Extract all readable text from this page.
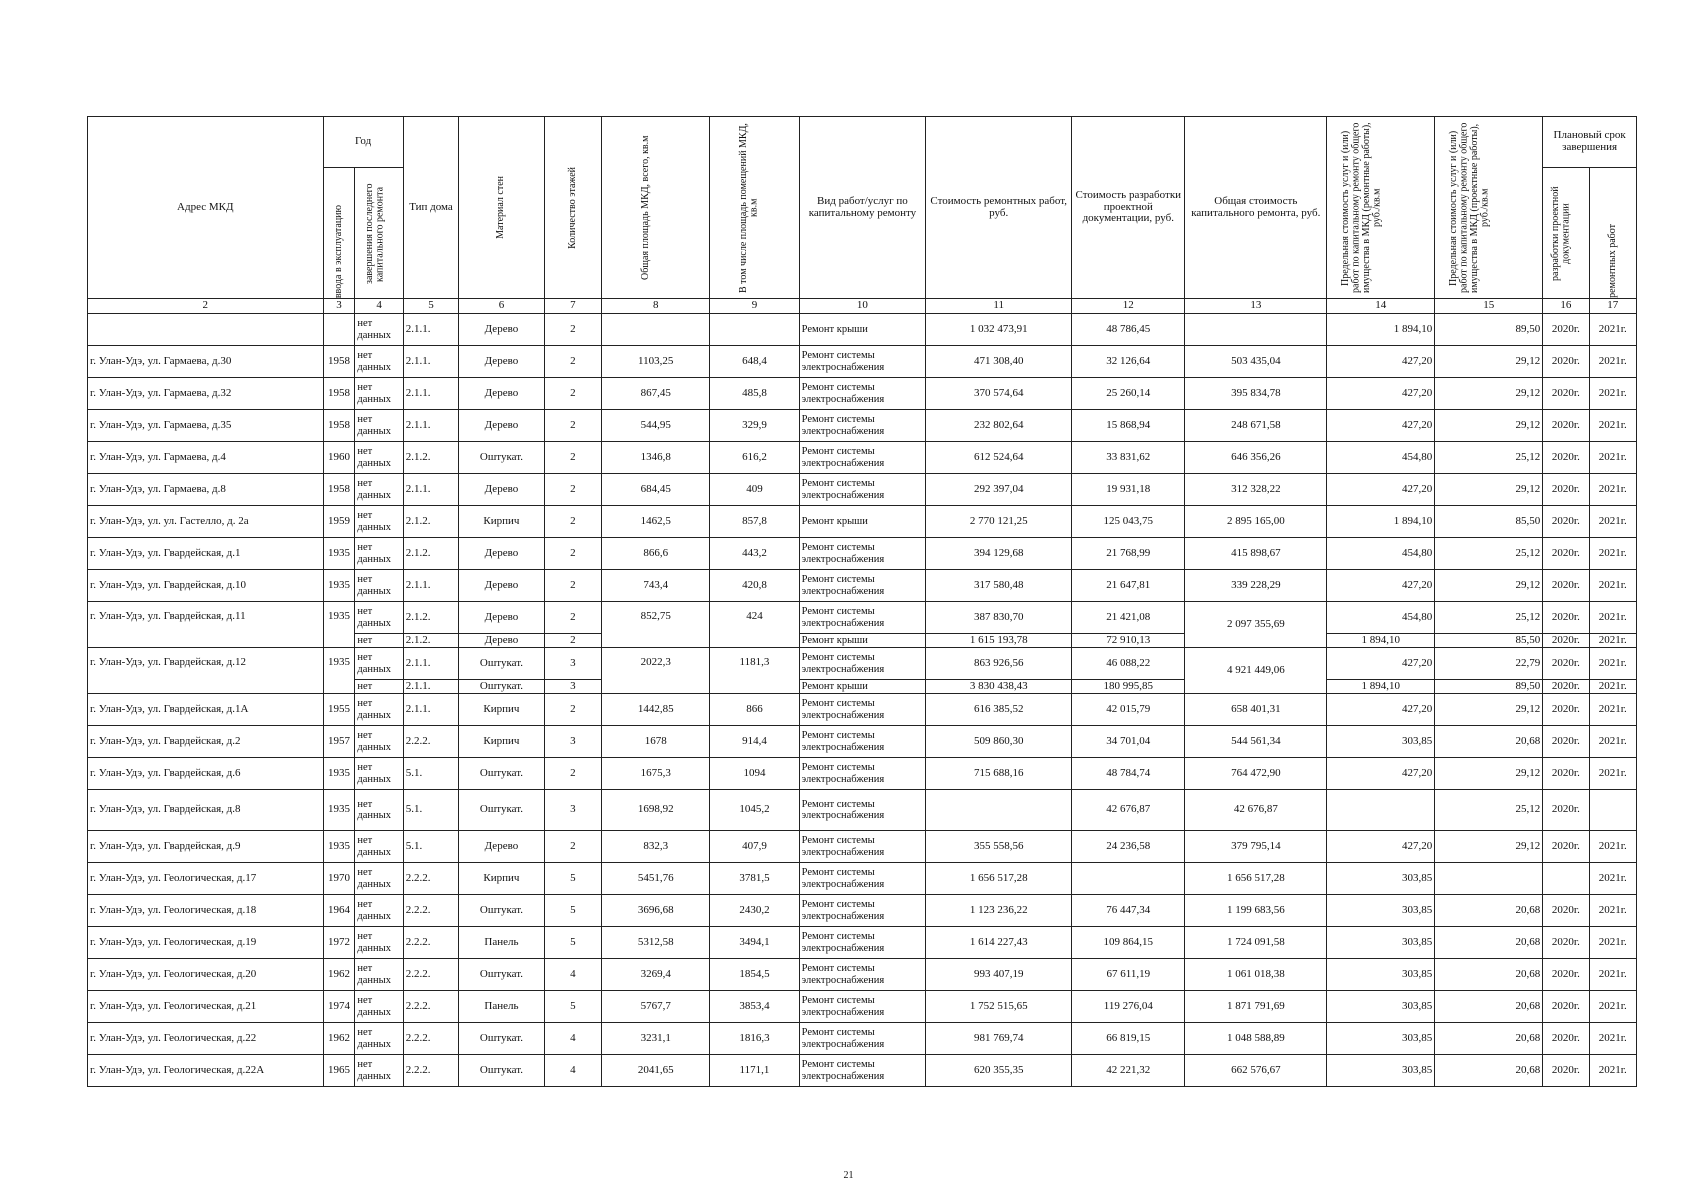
Адрес МКД	Год		Тип дома	Материал стен	Количество этажей	Общая площадь МКД, всего, кв.м	В том числе площадь помещений МКД, кв.м	Вид работ/услуг по капитальному ремонту	Стоимость ремонтных работ, руб.	Стоимость разработки проектной документации, руб.	Общая стоимость капитального ремонта, руб.	Предельная стоимость услуг и (или) работ по капитальному ремонту общего имущества в МКД (ремонтные работы), руб./кв.м	Предельная стоимость услуг и (или) работ по капитальному ремонту общего имущества в МКД (проектные работы), руб./кв.м	Плановый срок завершения	

	ввода в эксплуатацию	завершения последнего капитального ремонта												разработки проектной документации	ремонтных работ

2	3	4	5	6	7	8	9	10	11	12	13	14	15	16	17
		нет данных	2.1.1.	Дерево	2			Ремонт крыши	1 032 473,91	48 786,45		1 894,10	89,50	2020г.	2021г.
г. Улан-Удэ, ул. Гармаева, д.30	1958	нет данных	2.1.1.	Дерево	2	1103,25	648,4	Ремонт системы электроснабжения	471 308,40	32 126,64	503 435,04	427,20	29,12	2020г.	2021г.
г. Улан-Удэ, ул. Гармаева, д.32	1958	нет данных	2.1.1.	Дерево	2	867,45	485,8	Ремонт системы электроснабжения	370 574,64	25 260,14	395 834,78	427,20	29,12	2020г.	2021г.
г. Улан-Удэ, ул. Гармаева, д.35	1958	нет данных	2.1.1.	Дерево	2	544,95	329,9	Ремонт системы электроснабжения	232 802,64	15 868,94	248 671,58	427,20	29,12	2020г.	2021г.
г. Улан-Удэ, ул. Гармаева, д.4	1960	нет данных	2.1.2.	Оштукат.	2	1346,8	616,2	Ремонт системы электроснабжения	612 524,64	33 831,62	646 356,26	454,80	25,12	2020г.	2021г.
г. Улан-Удэ, ул. Гармаева, д.8	1958	нет данных	2.1.1.	Дерево	2	684,45	409	Ремонт системы электроснабжения	292 397,04	19 931,18	312 328,22	427,20	29,12	2020г.	2021г.
г. Улан-Удэ, ул. ул. Гастелло, д. 2а	1959	нет данных	2.1.2.	Кирпич	2	1462,5	857,8	Ремонт крыши	2 770 121,25	125 043,75	2 895 165,00	1 894,10	85,50	2020г.	2021г.
г. Улан-Удэ, ул. Гвардейская, д.1	1935	нет данных	2.1.2.	Дерево	2	866,6	443,2	Ремонт системы электроснабжения	394 129,68	21 768,99	415 898,67	454,80	25,12	2020г.	2021г.
г. Улан-Удэ, ул. Гвардейская, д.10	1935	нет данных	2.1.1.	Дерево	2	743,4	420,8	Ремонт системы электроснабжения	317 580,48	21 647,81	339 228,29	427,20	29,12	2020г.	2021г.
г. Улан-Удэ, ул. Гвардейская, д.11	1935	нет данных	2.1.2.	Дерево	2	852,75	424	Ремонт системы электроснабжения	387 830,70	21 421,08	2 097 355,69	454,80	25,12	2020г.	2021г.
		нет	2.1.2.	Дерево	2			Ремонт крыши	1 615 193,78	72 910,13		1 894,10	85,50	2020г.	2021г.
г. Улан-Удэ, ул. Гвардейская, д.12	1935	нет данных	2.1.1.	Оштукат.	3	2022,3	1181,3	Ремонт системы электроснабжения	863 926,56	46 088,22	4 921 449,06	427,20	22,79	2020г.	2021г.
		нет	2.1.1.	Оштукат.	3			Ремонт крыши	3 830 438,43	180 995,85		1 894,10	89,50	2020г.	2021г.
г. Улан-Удэ, ул. Гвардейская, д.1А	1955	нет данных	2.1.1.	Кирпич	2	1442,85	866	Ремонт системы электроснабжения	616 385,52	42 015,79	658 401,31	427,20	29,12	2020г.	2021г.
г. Улан-Удэ, ул. Гвардейская, д.2	1957	нет данных	2.2.2.	Кирпич	3	1678	914,4	Ремонт системы электроснабжения	509 860,30	34 701,04	544 561,34	303,85	20,68	2020г.	2021г.
г. Улан-Удэ, ул. Гвардейская, д.6	1935	нет данных	5.1.	Оштукат.	2	1675,3	1094	Ремонт системы электроснабжения	715 688,16	48 784,74	764 472,90	427,20	29,12	2020г.	2021г.
г. Улан-Удэ, ул. Гвардейская, д.8	1935	нет данных	5.1.	Оштукат.	3	1698,92	1045,2	Ремонт системы электроснабжения		42 676,87	42 676,87		25,12	2020г.	
г. Улан-Удэ, ул. Гвардейская, д.9	1935	нет данных	5.1.	Дерево	2	832,3	407,9	Ремонт системы электроснабжения	355 558,56	24 236,58	379 795,14	427,20	29,12	2020г.	2021г.
г. Улан-Удэ, ул. Геологическая, д.17	1970	нет данных	2.2.2.	Кирпич	5	5451,76	3781,5	Ремонт системы электроснабжения	1 656 517,28		1 656 517,28	303,85			2021г.
г. Улан-Удэ, ул. Геологическая, д.18	1964	нет данных	2.2.2.	Оштукат.	5	3696,68	2430,2	Ремонт системы электроснабжения	1 123 236,22	76 447,34	1 199 683,56	303,85	20,68	2020г.	2021г.
г. Улан-Удэ, ул. Геологическая, д.19	1972	нет данных	2.2.2.	Панель	5	5312,58	3494,1	Ремонт системы электроснабжения	1 614 227,43	109 864,15	1 724 091,58	303,85	20,68	2020г.	2021г.
г. Улан-Удэ, ул. Геологическая, д.20	1962	нет данных	2.2.2.	Оштукат.	4	3269,4	1854,5	Ремонт системы электроснабжения	993 407,19	67 611,19	1 061 018,38	303,85	20,68	2020г.	2021г.
г. Улан-Удэ, ул. Геологическая, д.21	1974	нет данных	2.2.2.	Панель	5	5767,7	3853,4	Ремонт системы электроснабжения	1 752 515,65	119 276,04	1 871 791,69	303,85	20,68	2020г.	2021г.
г. Улан-Удэ, ул. Геологическая, д.22	1962	нет данных	2.2.2.	Оштукат.	4	3231,1	1816,3	Ремонт системы электроснабжения	981 769,74	66 819,15	1 048 588,89	303,85	20,68	2020г.	2021г.
г. Улан-Удэ, ул. Геологическая, д.22А	1965	нет данных	2.2.2.	Оштукат.	4	2041,65	1171,1	Ремонт системы электроснабжения	620 355,35	42 221,32	662 576,67	303,85	20,68	2020г.	2021г.
21
